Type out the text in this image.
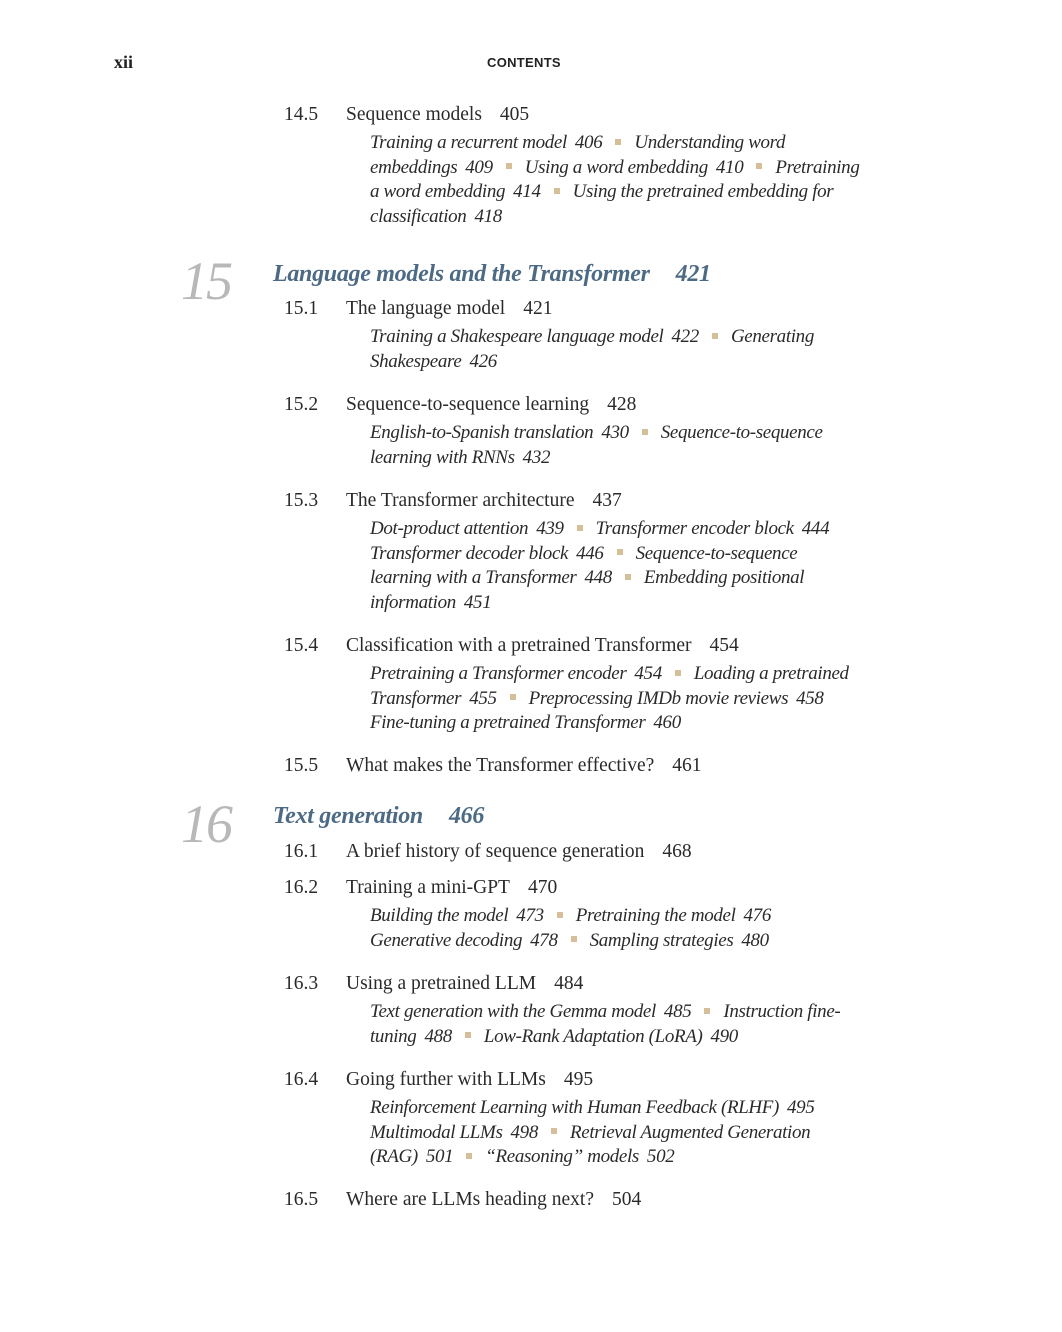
xii	CONTENTS
14.5 Sequence models 405
Training a recurrent model 406 Understanding word
embeddings 409 Using a word embedding 410 Pretraining
a word embedding 414 Using the pretrained embedding for
classification 418
15 Language models and the Transformer 421
15.1 The language model 421
Training a Shakespeare language model 422 Generating
Shakespeare 426
15.2 Sequence-to-sequence learning 428
English-to-Spanish translation 430 Sequence-to-sequence
learning with RNNs 432
15.3 The Transformer architecture 437
Dot-product attention 439 Transformer encoder block 444
Transformer decoder block 446 Sequence-to-sequence
learning with a Transformer 448 Embedding positional
information 451
15.4 Classification with a pretrained Transformer 454
Pretraining a Transformer encoder 454 Loading a pretrained
Transformer 455 Preprocessing IMDb movie reviews 458
Fine-tuning a pretrained Transformer 460
15.5 What makes the Transformer effective? 461
16 Text generation 466
16.1 A brief history of sequence generation 468
16.2 Training a mini-GPT 470
Building the model 473 Pretraining the model 476
Generative decoding 478 Sampling strategies 480
16.3 Using a pretrained LLM 484
Text generation with the Gemma model 485 Instruction fine-
tuning 488 Low-Rank Adaptation (LoRA) 490
16.4 Going further with LLMs 495
Reinforcement Learning with Human Feedback (RLHF) 495
Multimodal LLMs 498 Retrieval Augmented Generation
(RAG) 501 “Reasoning” models 502
16.5 Where are LLMs heading next? 504
